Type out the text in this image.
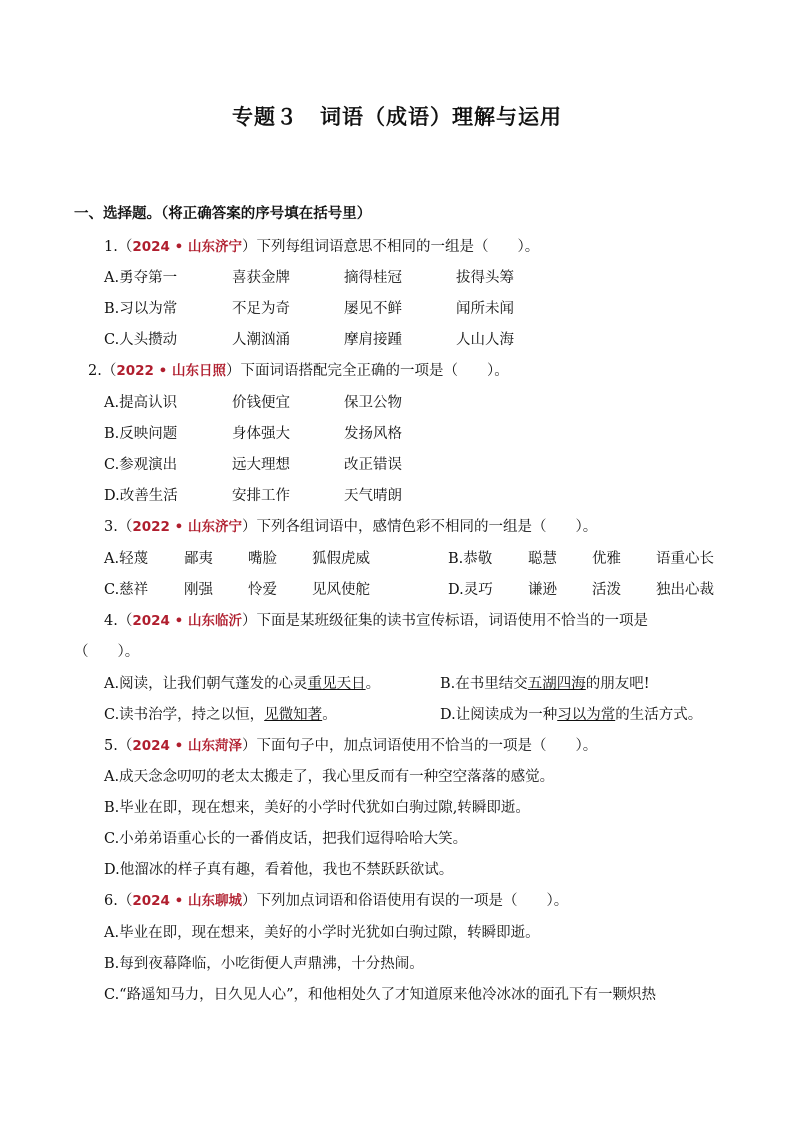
专题３　词语（成语）理解与运用
一、选择题。（将正确答案的序号填在括号里）
1.（2024 • 山东济宁）下列每组词语意思不相同的一组是（　　）。
A.勇夺第一	喜获金牌	摘得桂冠	拔得头筹
B.习以为常	不足为奇	屡见不鲜	闻所未闻
C.人头攒动	人潮汹涌	摩肩接踵	人山人海
2.（2022 • 山东日照）下面词语搭配完全正确的一项是（　　）。
A.提高认识	价钱便宜	保卫公物
B.反映问题	身体强大	发扬风格
C.参观演出	远大理想	改正错误
D.改善生活	安排工作	天气晴朗
3.（2022 • 山东济宁）下列各组词语中，感情色彩不相同的一组是（　　）。
A.轻蔑 鄙夷 嘴脸 狐假虎威	B.恭敬 聪慧 优雅 语重心长
C.慈祥 刚强 怜爱 见风使舵	D.灵巧 谦逊 活泼 独出心裁
4.（2024 • 山东临沂）下面是某班级征集的读书宣传标语，词语使用不恰当的一项是
（　　）。
A.阅读，让我们朝气蓬发的心灵重见天日。	B.在书里结交五湖四海的朋友吧!
C.读书治学，持之以恒，见微知著。	D.让阅读成为一种习以为常的生活方式。
5.（2024 • 山东菏泽）下面句子中，加点词语使用不恰当的一项是（　　）。
A.成天念念叨叨的老太太搬走了，我心里反而有一种空空落落的感觉。
B.毕业在即，现在想来，美好的小学时代犹如白驹过隙,转瞬即逝。
C.小弟弟语重心长的一番俏皮话，把我们逗得哈哈大笑。
D.他溜冰的样子真有趣，看着他，我也不禁跃跃欲试。
6.（2024 • 山东聊城）下列加点词语和俗语使用有误的一项是（　　）。
A.毕业在即，现在想来，美好的小学时光犹如白驹过隙，转瞬即逝。
B.每到夜幕降临，小吃街便人声鼎沸，十分热闹。
C.“路遥知马力，日久见人心”，和他相处久了才知道原来他冷冰冰的面孔下有一颗炽热
